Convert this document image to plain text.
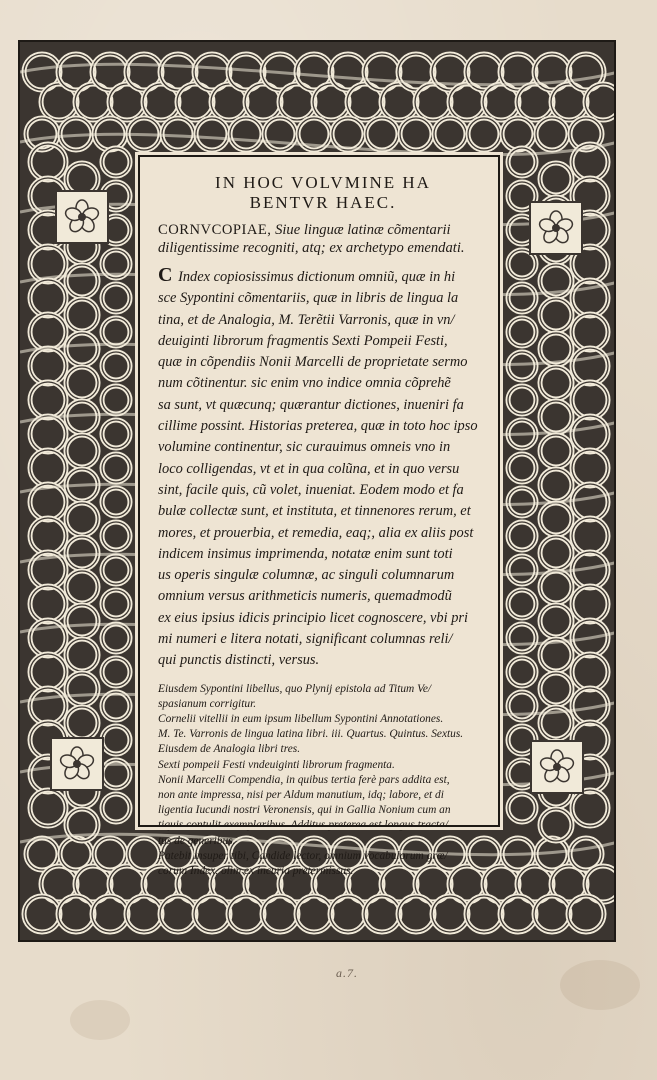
IN HOC VOLVMINE HA
BENTVR HAEC.

CORNVCOPIAE, Siue linguæ latinæ cõmentarii
diligentissime recogniti, atq; ex archetypo emendati.

C Index copiosissimus dictionum omniũ, quæ in hi
sce Sypontini cõmentariis, quæ in libris de lingua la
tina, et de Analogia, M. Terẽtii Varronis, quæ in vn/
deuiginti librorum fragmentis Sexti Pompeii Festi,
quæ in cõpendiis Nonii Marcelli de proprietate sermo
num cõtinentur. sic enim vno indice omnia cõprehẽ
sa sunt, vt quæcunq; quærantur dictiones, inueniri fa
cillime possint. Historias preterea, quæ in toto hoc ipso
volumine continentur, sic curauimus omneis vno in
loco colligendas, vt et in qua colũna, et in quo versu
sint, facile quis, cũ volet, inueniat. Eodem modo et fa
bulæ collectæ sunt, et instituta, et tinnenores rerum, et
mores, et prouerbia, et remedia, eaq;, alia ex aliis post
indicem insimus imprimenda, notatæ enim sunt toti
us operis singulæ columnæ, ac singuli columnarum
omnium versus arithmeticis numeris, quemadmodũ
ex eius ipsius idicis principio licet cognoscere, vbi pri
mi numeri e litera notati, significant columnas reli/
qui punctis distincti, versus.

Eiusdem Sypontini libellus, quo Plynij epistola ad Titum Ve/
spasianum corrigitur.
Cornelii vitellii in eum ipsum libellum Sypontini Annotationes.
M. Te. Varronis de lingua latina libri. iii. Quartus. Quintus. Sextus.
Eiusdem de Analogia libri tres.
Sexti pompeii Festi vndeuiginti librorum fragmenta.
Nonii Marcelli Compendia, in quibus tertia ferè pars addita est,
non ante impressa, nisi per Aldum manutium, idq; labore, et di
ligentia Iucundi nostri Veronensis, qui in Gallia Nonium cum an
tiquis contulit exemplaribus. Additus preterea est longus tracta/
tus de generibus.
Patebit insuper tibi, Candide lector, omnium vocabulorum græ/
corum Index, olim ex incuria pretermissus.
a.7.
